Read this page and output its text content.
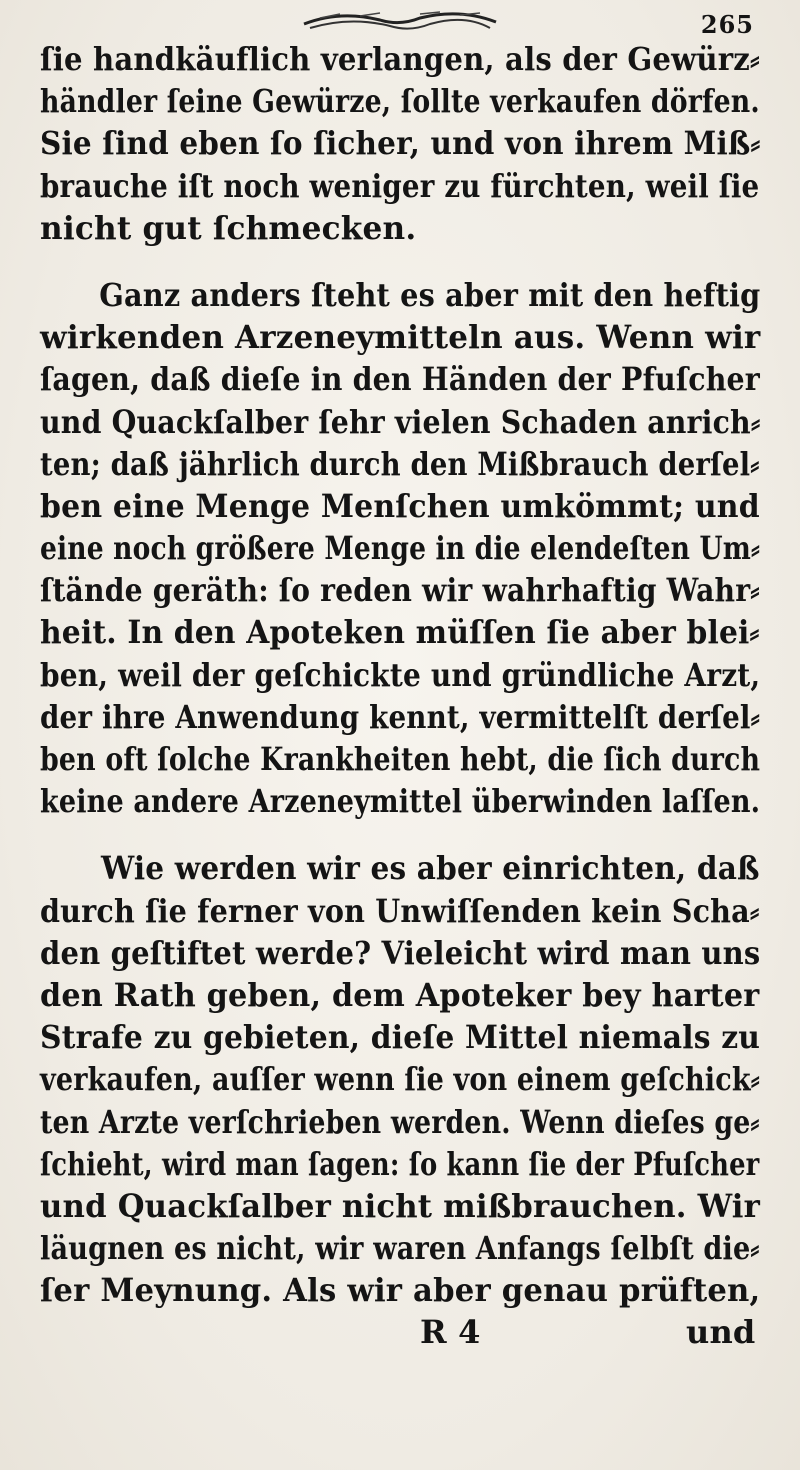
265
ſie handkäuflich verlangen, als der Gewürz⸗
händler ſeine Gewürze, ſollte verkaufen dörfen.
Sie ſind eben ſo ſicher, und von ihrem Miß⸗
brauche iſt noch weniger zu fürchten, weil ſie
nicht gut ſchmecken.
Ganz anders ſteht es aber mit den heftig
wirkenden Arzeneymitteln aus. Wenn wir
ſagen, daß dieſe in den Händen der Pfuſcher
und Quackſalber ſehr vielen Schaden anrich⸗
ten; daß jährlich durch den Mißbrauch derſel⸗
ben eine Menge Menſchen umkömmt; und
eine noch größere Menge in die elendeſten Um⸗
ſtände geräth: ſo reden wir wahrhaftig Wahr⸗
heit. In den Apoteken müſſen ſie aber blei⸗
ben, weil der geſchickte und gründliche Arzt,
der ihre Anwendung kennt, vermittelſt derſel⸗
ben oft ſolche Krankheiten hebt, die ſich durch
keine andere Arzeneymittel überwinden laſſen.
Wie werden wir es aber einrichten, daß
durch ſie ferner von Unwiſſenden kein Scha⸗
den geſtiftet werde? Vieleicht wird man uns
den Rath geben, dem Apoteker bey harter
Strafe zu gebieten, dieſe Mittel niemals zu
verkaufen, auſſer wenn ſie von einem geſchick⸗
ten Arzte verſchrieben werden. Wenn dieſes ge⸗
ſchieht, wird man ſagen: ſo kann ſie der Pfuſcher
und Quackſalber nicht mißbrauchen. Wir
läugnen es nicht, wir waren Anfangs ſelbſt die⸗
ſer Meynung. Als wir aber genau prüften,
R 4	und
